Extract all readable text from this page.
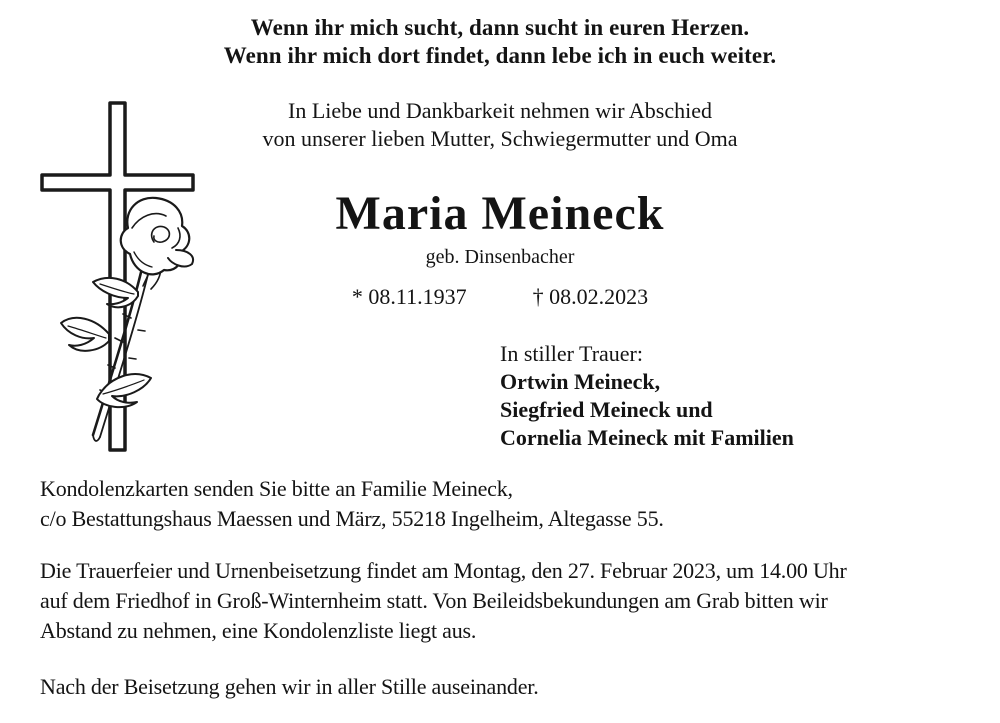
Wenn ihr mich sucht, dann sucht in euren Herzen.
Wenn ihr mich dort findet, dann lebe ich in euch weiter.
In Liebe und Dankbarkeit nehmen wir Abschied
von unserer lieben Mutter, Schwiegermutter und Oma
Maria Meineck
geb. Dinsenbacher
* 08.11.1937	† 08.02.2023
In stiller Trauer:
Ortwin Meineck,
Siegfried Meineck und
Cornelia Meineck mit Familien
Kondolenzkarten senden Sie bitte an Familie Meineck,
c/o Bestattungshaus Maessen und März, 55218 Ingelheim, Altegasse 55.
Die Trauerfeier und Urnenbeisetzung findet am Montag, den 27. Februar 2023, um 14.00 Uhr
auf dem Friedhof in Groß-Winternheim statt. Von Beileidsbekundungen am Grab bitten wir
Abstand zu nehmen, eine Kondolenzliste liegt aus.
Nach der Beisetzung gehen wir in aller Stille auseinander.
